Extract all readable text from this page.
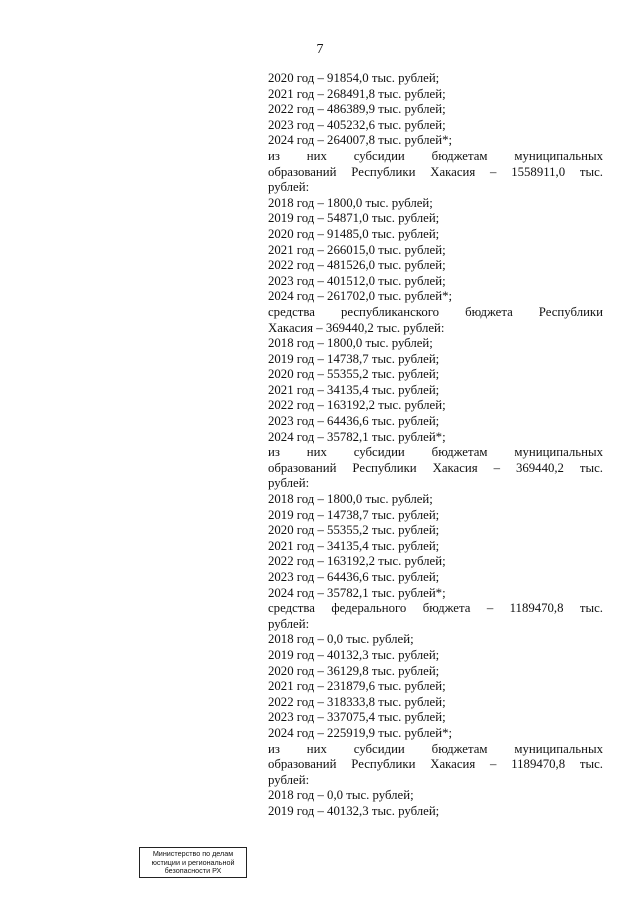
7

2020 год – 91854,0 тыс. рублей;

2021 год – 268491,8 тыс. рублей;

2022 год – 486389,9 тыс. рублей;

2023 год – 405232,6 тыс. рублей;

2024 год – 264007,8 тыс. рублей*;

из них субсидии бюджетам муниципальных

образований Республики Хакасия – 1558911,0 тыс.

рублей:

2018 год – 1800,0 тыс. рублей;

2019 год – 54871,0 тыс. рублей;

2020 год – 91485,0 тыс. рублей;

2021 год – 266015,0 тыс. рублей;

2022 год – 481526,0 тыс. рублей;

2023 год – 401512,0 тыс. рублей;

2024 год – 261702,0 тыс. рублей*;

средства республиканского бюджета Республики

Хакасия – 369440,2 тыс. рублей:

2018 год – 1800,0 тыс. рублей;

2019 год – 14738,7 тыс. рублей;

2020 год – 55355,2 тыс. рублей;

2021 год – 34135,4 тыс. рублей;

2022 год – 163192,2 тыс. рублей;

2023 год – 64436,6 тыс. рублей;

2024 год – 35782,1 тыс. рублей*;

из них субсидии бюджетам муниципальных

образований Республики Хакасия – 369440,2 тыс.

рублей:

2018 год – 1800,0 тыс. рублей;

2019 год – 14738,7 тыс. рублей;

2020 год – 55355,2 тыс. рублей;

2021 год – 34135,4 тыс. рублей;

2022 год – 163192,2 тыс. рублей;

2023 год – 64436,6 тыс. рублей;

2024 год – 35782,1 тыс. рублей*;

средства федерального бюджета – 1189470,8 тыс.

рублей:

2018 год – 0,0 тыс. рублей;

2019 год – 40132,3 тыс. рублей;

2020 год – 36129,8 тыс. рублей;

2021 год – 231879,6 тыс. рублей;

2022 год – 318333,8 тыс. рублей;

2023 год – 337075,4 тыс. рублей;

2024 год – 225919,9 тыс. рублей*;

из них субсидии бюджетам муниципальных

образований Республики Хакасия – 1189470,8 тыс.

рублей:

2018 год – 0,0 тыс. рублей;

2019 год – 40132,3 тыс. рублей;

Министерство по делам
юстиции и региональной
безопасности РХ
